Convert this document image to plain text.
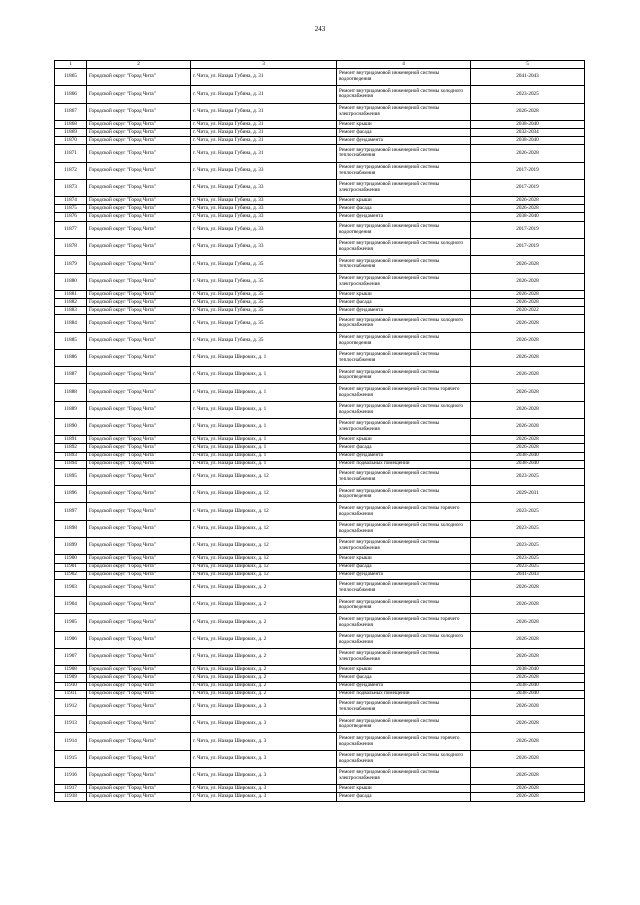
243
1	2	3	4	5
11865	Городской округ "Город Чита"	г. Чита, ул. Назара Губина, д. 31	Ремонт внутридомовой инженерной системы водоотведения	2041-2043
11866	Городской округ "Город Чита"	г. Чита, ул. Назара Губина, д. 31	Ремонт внутридомовой инженерной системы холодного водоснабжения	2023-2025
11867	Городской округ "Город Чита"	г. Чита, ул. Назара Губина, д. 31	Ремонт внутридомовой инженерной системы электроснабжения	2026-2028
11868	Городской округ "Город Чита"	г. Чита, ул. Назара Губина, д. 31	Ремонт крыши	2038-2040
11869	Городской округ "Город Чита"	г. Чита, ул. Назара Губина, д. 31	Ремонт фасада	2032-2034
11870	Городской округ "Город Чита"	г. Чита, ул. Назара Губина, д. 31	Ремонт фундамента	2038-2040
11871	Городской округ "Город Чита"	г. Чита, ул. Назара Губина, д. 31	Ремонт внутридомовой инженерной системы теплоснабжения	2026-2028
11872	Городской округ "Город Чита"	г. Чита, ул. Назара Губина, д. 33	Ремонт внутридомовой инженерной системы теплоснабжения	2017-2019
11873	Городской округ "Город Чита"	г. Чита, ул. Назара Губина, д. 33	Ремонт внутридомовой инженерной системы электроснабжения	2017-2019
11874	Городской округ "Город Чита"	г. Чита, ул. Назара Губина, д. 33	Ремонт крыши	2026-2028
11875	Городской округ "Город Чита"	г. Чита, ул. Назара Губина, д. 33	Ремонт фасада	2026-2028
11876	Городской округ "Город Чита"	г. Чита, ул. Назара Губина, д. 33	Ремонт фундамента	2038-2040
11877	Городской округ "Город Чита"	г. Чита, ул. Назара Губина, д. 33	Ремонт внутридомовой инженерной системы водоотведения	2017-2019
11878	Городской округ "Город Чита"	г. Чита, ул. Назара Губина, д. 33	Ремонт внутридомовой инженерной системы холодного водоснабжения	2017-2019
11879	Городской округ "Город Чита"	г. Чита, ул. Назара Губина, д. 35	Ремонт внутридомовой инженерной системы теплоснабжения	2026-2028
11880	Городской округ "Город Чита"	г. Чита, ул. Назара Губина, д. 35	Ремонт внутридомовой инженерной системы электроснабжения	2026-2028
11881	Городской округ "Город Чита"	г. Чита, ул. Назара Губина, д. 35	Ремонт крыши	2026-2028
11882	Городской округ "Город Чита"	г. Чита, ул. Назара Губина, д. 35	Ремонт фасада	2026-2028
11883	Городской округ "Город Чита"	г. Чита, ул. Назара Губина, д. 35	Ремонт фундамента	2020-2022
11884	Городской округ "Город Чита"	г. Чита, ул. Назара Губина, д. 35	Ремонт внутридомовой инженерной системы холодного водоснабжения	2026-2028
11885	Городской округ "Город Чита"	г. Чита, ул. Назара Губина, д. 35	Ремонт внутридомовой инженерной системы водоотведения	2026-2028
11886	Городской округ "Город Чита"	г. Чита, ул. Назара Широких, д. 1	Ремонт внутридомовой инженерной системы теплоснабжения	2026-2028
11887	Городской округ "Город Чита"	г. Чита, ул. Назара Широких, д. 1	Ремонт внутридомовой инженерной системы водоотведения	2026-2028
11888	Городской округ "Город Чита"	г. Чита, ул. Назара Широких, д. 1	Ремонт внутридомовой инженерной системы горячего водоснабжения	2026-2028
11889	Городской округ "Город Чита"	г. Чита, ул. Назара Широких, д. 1	Ремонт внутридомовой инженерной системы холодного водоснабжения	2026-2028
11890	Городской округ "Город Чита"	г. Чита, ул. Назара Широких, д. 1	Ремонт внутридомовой инженерной системы электроснабжения	2026-2028
11891	Городской округ "Город Чита"	г. Чита, ул. Назара Широких, д. 1	Ремонт крыши	2026-2028
11892	Городской округ "Город Чита"	г. Чита, ул. Назара Широких, д. 1	Ремонт фасада	2026-2028
11893	Городской округ "Город Чита"	г. Чита, ул. Назара Широких, д. 1	Ремонт фундамента	2038-2040
11894	Городской округ "Город Чита"	г. Чита, ул. Назара Широких, д. 1	Ремонт подвальных помещений	2038-2040
11895	Городской округ "Город Чита"	г. Чита, ул. Назара Широких, д. 12	Ремонт внутридомовой инженерной системы теплоснабжения	2023-2025
11896	Городской округ "Город Чита"	г. Чита, ул. Назара Широких, д. 12	Ремонт внутридомовой инженерной системы водоотведения	2029-2031
11897	Городской округ "Город Чита"	г. Чита, ул. Назара Широких, д. 12	Ремонт внутридомовой инженерной системы горячего водоснабжения	2023-2025
11898	Городской округ "Город Чита"	г. Чита, ул. Назара Широких, д. 12	Ремонт внутридомовой инженерной системы холодного водоснабжения	2023-2025
11899	Городской округ "Город Чита"	г. Чита, ул. Назара Широких, д. 12	Ремонт внутридомовой инженерной системы электроснабжения	2023-2025
11900	Городской округ "Город Чита"	г. Чита, ул. Назара Широких, д. 12	Ремонт крыши	2023-2025
11901	Городской округ "Город Чита"	г. Чита, ул. Назара Широких, д. 12	Ремонт фасада	2023-2025
11902	Городской округ "Город Чита"	г. Чита, ул. Назара Широких, д. 12	Ремонт фундамента	2041-2043
11903	Городской округ "Город Чита"	г. Чита, ул. Назара Широких, д. 2	Ремонт внутридомовой инженерной системы теплоснабжения	2026-2028
11904	Городской округ "Город Чита"	г. Чита, ул. Назара Широких, д. 2	Ремонт внутридомовой инженерной системы водоотведения	2026-2028
11905	Городской округ "Город Чита"	г. Чита, ул. Назара Широких, д. 2	Ремонт внутридомовой инженерной системы горячего водоснабжения	2026-2028
11906	Городской округ "Город Чита"	г. Чита, ул. Назара Широких, д. 2	Ремонт внутридомовой инженерной системы холодного водоснабжения	2026-2028
11907	Городской округ "Город Чита"	г. Чита, ул. Назара Широких, д. 2	Ремонт внутридомовой инженерной системы электроснабжения	2026-2028
11908	Городской округ "Город Чита"	г. Чита, ул. Назара Широких, д. 2	Ремонт крыши	2038-2040
11909	Городской округ "Город Чита"	г. Чита, ул. Назара Широких, д. 2	Ремонт фасада	2026-2028
11910	Городской округ "Город Чита"	г. Чита, ул. Назара Широких, д. 2	Ремонт фундамента	2038-2040
11911	Городской округ "Город Чита"	г. Чита, ул. Назара Широких, д. 2	Ремонт подвальных помещений	2038-2040
11912	Городской округ "Город Чита"	г. Чита, ул. Назара Широких, д. 3	Ремонт внутридомовой инженерной системы теплоснабжения	2026-2028
11913	Городской округ "Город Чита"	г. Чита, ул. Назара Широких, д. 3	Ремонт внутридомовой инженерной системы водоотведения	2026-2028
11914	Городской округ "Город Чита"	г. Чита, ул. Назара Широких, д. 3	Ремонт внутридомовой инженерной системы горячего водоснабжения	2026-2028
11915	Городской округ "Город Чита"	г. Чита, ул. Назара Широких, д. 3	Ремонт внутридомовой инженерной системы холодного водоснабжения	2026-2028
11916	Городской округ "Город Чита"	г. Чита, ул. Назара Широких, д. 3	Ремонт внутридомовой инженерной системы электроснабжения	2026-2028
11917	Городской округ "Город Чита"	г. Чита, ул. Назара Широких, д. 3	Ремонт крыши	2026-2028
11918	Городской округ "Город Чита"	г. Чита, ул. Назара Широких, д. 3	Ремонт фасада	2026-2028
